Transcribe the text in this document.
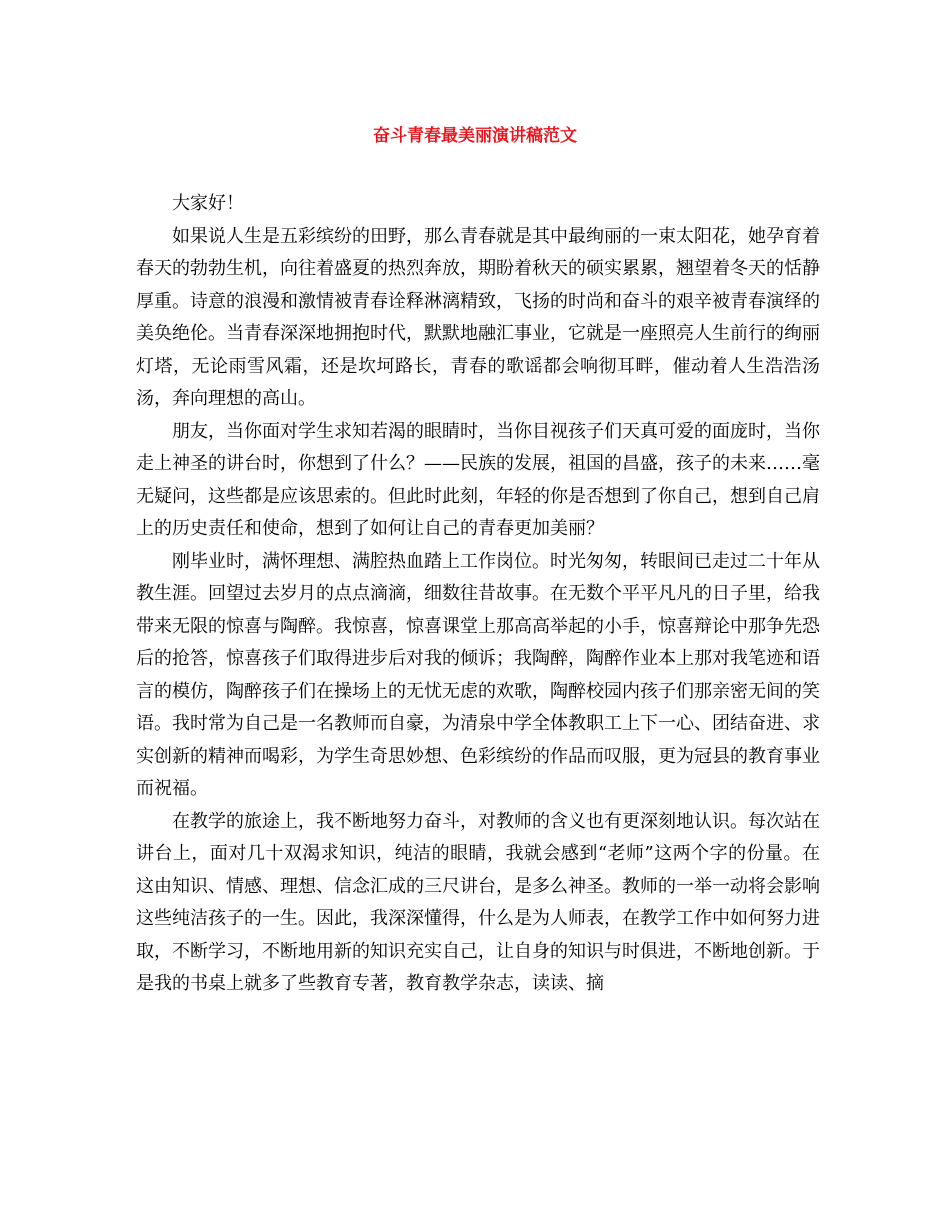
奋斗青春最美丽演讲稿范文

大家好！

如果说人生是五彩缤纷的田野，那么青春就是其中最绚丽的一束太阳花，她孕育着春天的勃勃生机，向往着盛夏的热烈奔放，期盼着秋天的硕实累累，翘望着冬天的恬静厚重。诗意的浪漫和激情被青春诠释淋漓精致，飞扬的时尚和奋斗的艰辛被青春演绎的美奂绝伦。当青春深深地拥抱时代，默默地融汇事业，它就是一座照亮人生前行的绚丽灯塔，无论雨雪风霜，还是坎坷路长，青春的歌谣都会响彻耳畔，催动着人生浩浩汤汤，奔向理想的高山。

朋友，当你面对学生求知若渴的眼睛时，当你目视孩子们天真可爱的面庞时，当你走上神圣的讲台时，你想到了什么？——民族的发展，祖国的昌盛，孩子的未来……毫无疑问，这些都是应该思索的。但此时此刻，年轻的你是否想到了你自己，想到自己肩上的历史责任和使命，想到了如何让自己的青春更加美丽？

刚毕业时，满怀理想、满腔热血踏上工作岗位。时光匆匆，转眼间已走过二十年从教生涯。回望过去岁月的点点滴滴，细数往昔故事。在无数个平平凡凡的日子里，给我带来无限的惊喜与陶醉。我惊喜，惊喜课堂上那高高举起的小手，惊喜辩论中那争先恐后的抢答，惊喜孩子们取得进步后对我的倾诉；我陶醉，陶醉作业本上那对我笔迹和语言的模仿，陶醉孩子们在操场上的无忧无虑的欢歌，陶醉校园内孩子们那亲密无间的笑语。我时常为自己是一名教师而自豪，为清泉中学全体教职工上下一心、团结奋进、求实创新的精神而喝彩，为学生奇思妙想、色彩缤纷的作品而叹服，更为冠县的教育事业而祝福。

在教学的旅途上，我不断地努力奋斗，对教师的含义也有更深刻地认识。每次站在讲台上，面对几十双渴求知识，纯洁的眼睛，我就会感到“老师”这两个字的份量。在这由知识、情感、理想、信念汇成的三尺讲台，是多么神圣。教师的一举一动将会影响这些纯洁孩子的一生。因此，我深深懂得，什么是为人师表，在教学工作中如何努力进取，不断学习，不断地用新的知识充实自己，让自身的知识与时俱进，不断地创新。于是我的书桌上就多了些教育专著，教育教学杂志，读读、摘
